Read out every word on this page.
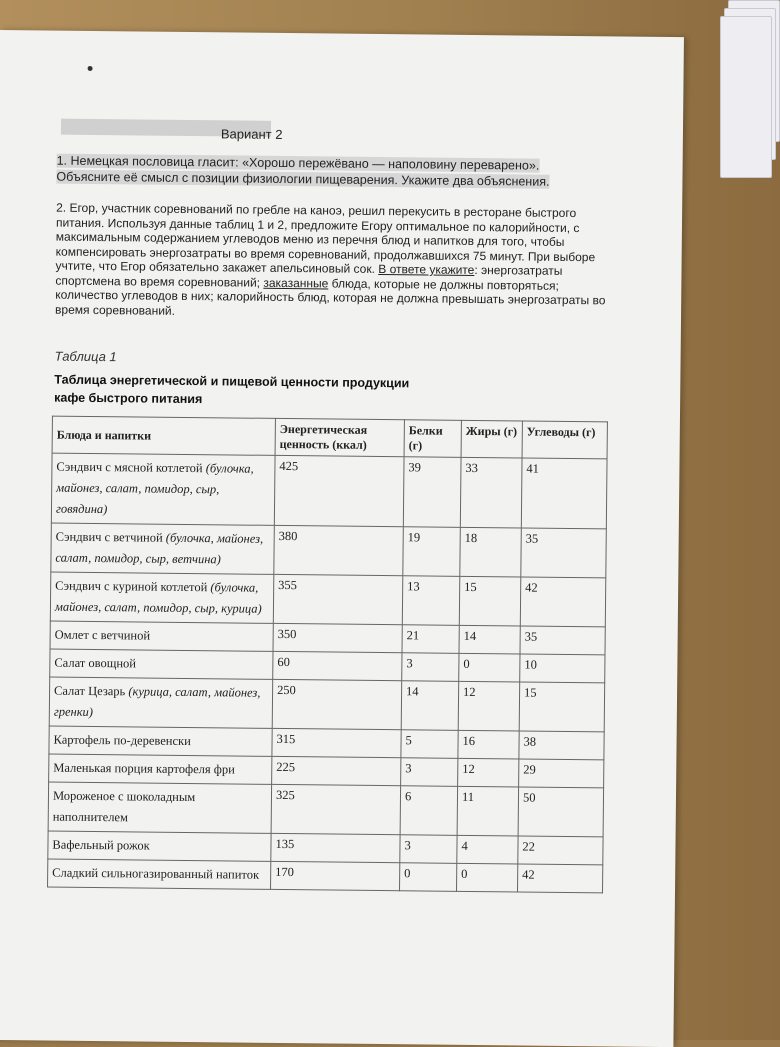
Вариант 2
1. Немецкая пословица гласит: «Хорошо пережёвано — наполовину переварено». Объясните её смысл с позиции физиологии пищеварения. Укажите два объяснения.
2. Егор, участник соревнований по гребле на каноэ, решил перекусить в ресторане быстрого питания. Используя данные таблиц 1 и 2, предложите Егору оптимальное по калорийности, с максимальным содержанием углеводов меню из перечня блюд и напитков для того, чтобы компенсировать энергозатраты во время соревнований, продолжавшихся 75 минут. При выборе учтите, что Егор обязательно закажет апельсиновый сок. В ответе укажите: энергозатраты спортсмена во время соревнований; заказанные блюда, которые не должны повторяться; количество углеводов в них; калорийность блюд, которая не должна превышать энергозатраты во время соревнований.
Таблица 1
Таблица энергетической и пищевой ценности продукции
кафе быстрого питания
Блюда и напитки	Энергетическая ценность (ккал)	Белки (г)	Жиры (г)	Углеводы (г)
Сэндвич с мясной котлетой (булочка, майонез, салат, помидор, сыр, говядина)	425	39	33	41
Сэндвич с ветчиной (булочка, майонез, салат, помидор, сыр, ветчина)	380	19	18	35
Сэндвич с куриной котлетой (булочка, майонез, салат, помидор, сыр, курица)	355	13	15	42
Омлет с ветчиной	350	21	14	35
Салат овощной	60	3	0	10
Салат Цезарь (курица, салат, майонез, гренки)	250	14	12	15
Картофель по-деревенски	315	5	16	38
Маленькая порция картофеля фри	225	3	12	29
Мороженое с шоколадным наполнителем	325	6	11	50
Вафельный рожок	135	3	4	22
Сладкий сильногазированный напиток	170	0	0	42
